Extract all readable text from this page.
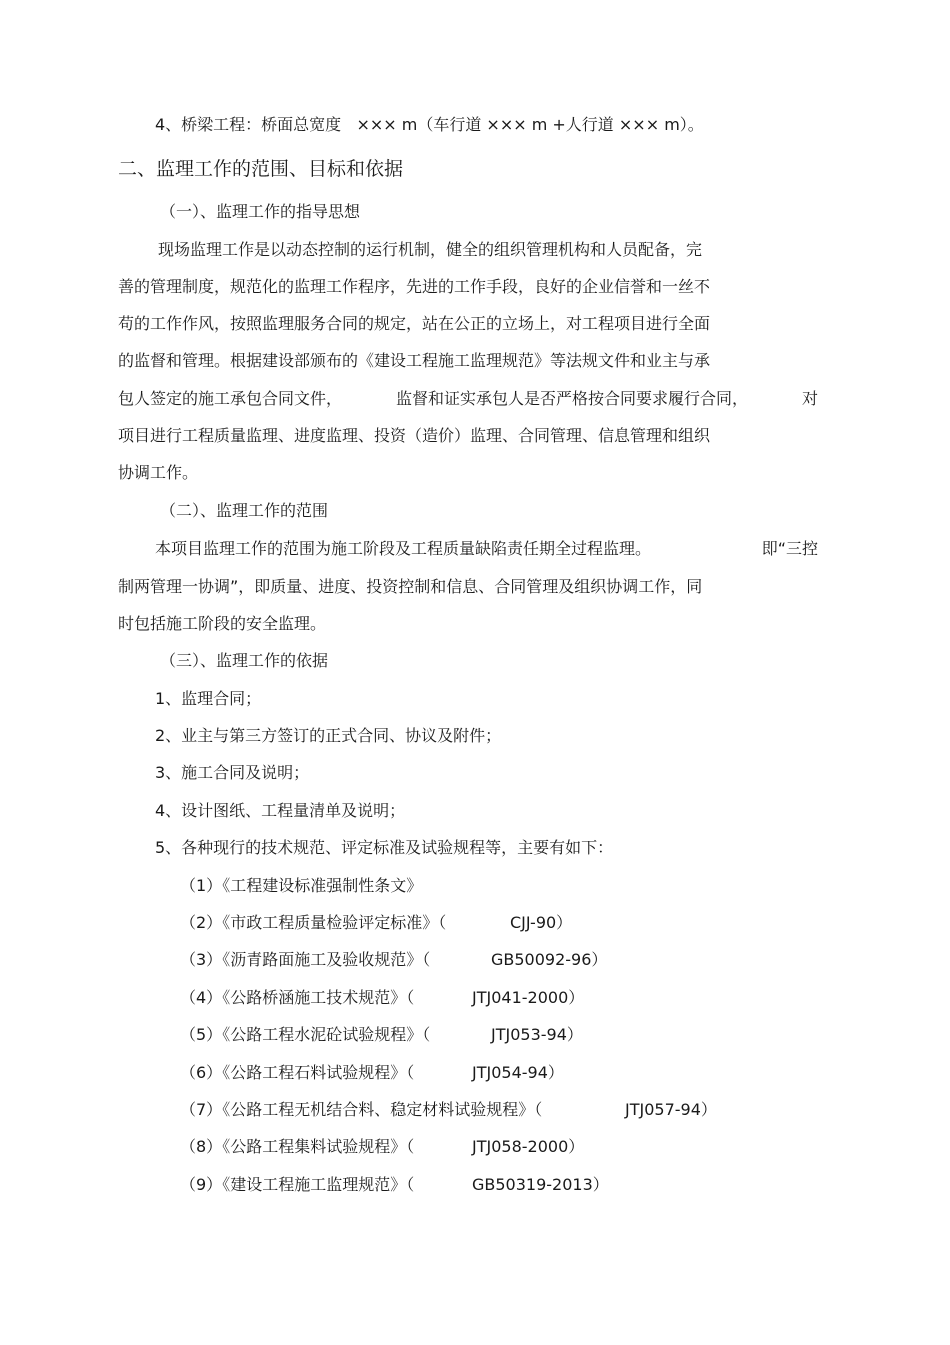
4、桥梁工程：桥面总宽度   ××× m（车行道 ××× m +人行道 ××× m）。
二、监理工作的范围、目标和依据
（一）、监理工作的指导思想
现场监理工作是以动态控制的运行机制，健全的组织管理机构和人员配备，完
善的管理制度，规范化的监理工作程序，先进的工作手段，良好的企业信誉和一丝不
苟的工作作风，按照监理服务合同的规定，站在公正的立场上，对工程项目进行全面
的监督和管理。根据建设部颁布的《建设工程施工监理规范》等法规文件和业主与承
包人签定的施工承包合同文件，	监督和证实承包人是否严格按合同要求履行合同，	对
项目进行工程质量监理、进度监理、投资（造价）监理、合同管理、信息管理和组织
协调工作。
（二）、监理工作的范围
本项目监理工作的范围为施工阶段及工程质量缺陷责任期全过程监理。	即“三控
制两管理一协调”，即质量、进度、投资控制和信息、合同管理及组织协调工作，同
时包括施工阶段的安全监理。
（三）、监理工作的依据
1、监理合同；
2、业主与第三方签订的正式合同、协议及附件；
3、施工合同及说明；
4、设计图纸、工程量清单及说明；
5、各种现行的技术规范、评定标准及试验规程等，主要有如下：
（1）《工程建设标准强制性条文》
（2）《市政工程质量检验评定标准》（	CJJ-90）
（3）《沥青路面施工及验收规范》（	GB50092-96）
（4）《公路桥涵施工技术规范》（	JTJ041-2000）
（5）《公路工程水泥砼试验规程》（	JTJ053-94）
（6）《公路工程石料试验规程》（	JTJ054-94）
（7）《公路工程无机结合料、稳定材料试验规程》（	JTJ057-94）
（8）《公路工程集料试验规程》（	JTJ058-2000）
（9）《建设工程施工监理规范》（	GB50319-2013）
